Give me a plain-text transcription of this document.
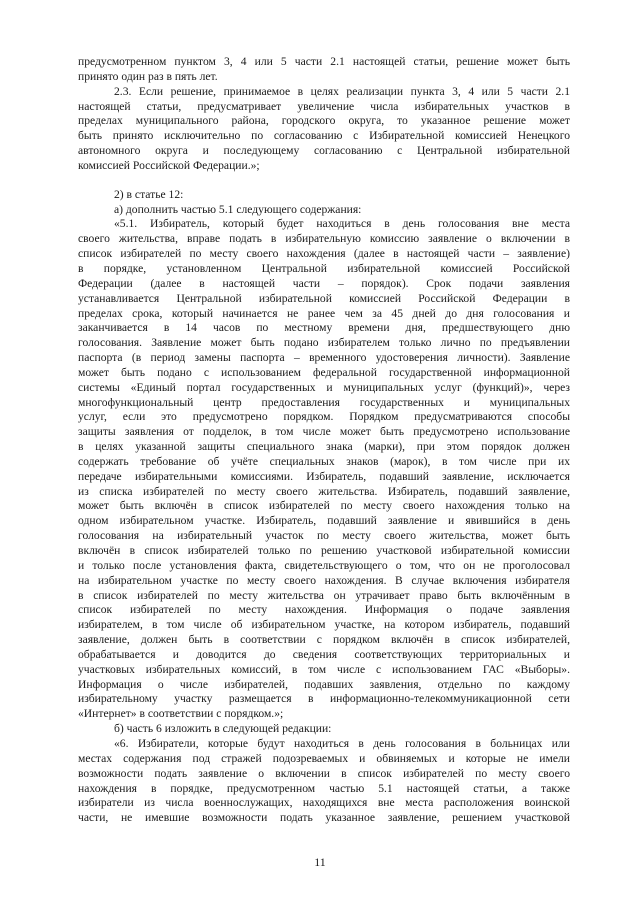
предусмотренном пунктом 3, 4 или 5 части 2.1 настоящей статьи, решение может быть
принято один раз в пять лет.
2.3. Если решение, принимаемое в целях реализации пункта 3, 4 или 5 части 2.1
настоящей статьи, предусматривает увеличение числа избирательных участков в
пределах муниципального района, городского округа, то указанное решение может
быть принято исключительно по согласованию с Избирательной комиссией Ненецкого
автономного округа и последующему согласованию с Центральной избирательной
комиссией Российской Федерации.»;
2) в статье 12:
а) дополнить частью 5.1 следующего содержания:
«5.1. Избиратель, который будет находиться в день голосования вне места
своего жительства, вправе подать в избирательную комиссию заявление о включении в
список избирателей по месту своего нахождения (далее в настоящей части – заявление)
в порядке, установленном Центральной избирательной комиссией Российской
Федерации (далее в настоящей части – порядок). Срок подачи заявления
устанавливается Центральной избирательной комиссией Российской Федерации в
пределах срока, который начинается не ранее чем за 45 дней до дня голосования и
заканчивается в 14 часов по местному времени дня, предшествующего дню
голосования. Заявление может быть подано избирателем только лично по предъявлении
паспорта (в период замены паспорта – временного удостоверения личности). Заявление
может быть подано с использованием федеральной государственной информационной
системы «Единый портал государственных и муниципальных услуг (функций)», через
многофункциональный центр предоставления государственных и муниципальных
услуг, если это предусмотрено порядком. Порядком предусматриваются способы
защиты заявления от подделок, в том числе может быть предусмотрено использование
в целях указанной защиты специального знака (марки), при этом порядок должен
содержать требование об учёте специальных знаков (марок), в том числе при их
передаче избирательными комиссиями. Избиратель, подавший заявление, исключается
из списка избирателей по месту своего жительства. Избиратель, подавший заявление,
может быть включён в список избирателей по месту своего нахождения только на
одном избирательном участке. Избиратель, подавший заявление и явившийся в день
голосования на избирательный участок по месту своего жительства, может быть
включён в список избирателей только по решению участковой избирательной комиссии
и только после установления факта, свидетельствующего о том, что он не проголосовал
на избирательном участке по месту своего нахождения. В случае включения избирателя
в список избирателей по месту жительства он утрачивает право быть включённым в
список избирателей по месту нахождения. Информация о подаче заявления
избирателем, в том числе об избирательном участке, на котором избиратель, подавший
заявление, должен быть в соответствии с порядком включён в список избирателей,
обрабатывается и доводится до сведения соответствующих территориальных и
участковых избирательных комиссий, в том числе с использованием ГАС «Выборы».
Информация о числе избирателей, подавших заявления, отдельно по каждому
избирательному участку размещается в информационно-телекоммуникационной сети
«Интернет» в соответствии с порядком.»;
б) часть 6 изложить в следующей редакции:
«6. Избиратели, которые будут находиться в день голосования в больницах или
местах содержания под стражей подозреваемых и обвиняемых и которые не имели
возможности подать заявление о включении в список избирателей по месту своего
нахождения в порядке, предусмотренном частью 5.1 настоящей статьи, а также
избиратели из числа военнослужащих, находящихся вне места расположения воинской
части, не имевшие возможности подать указанное заявление, решением участковой
11
